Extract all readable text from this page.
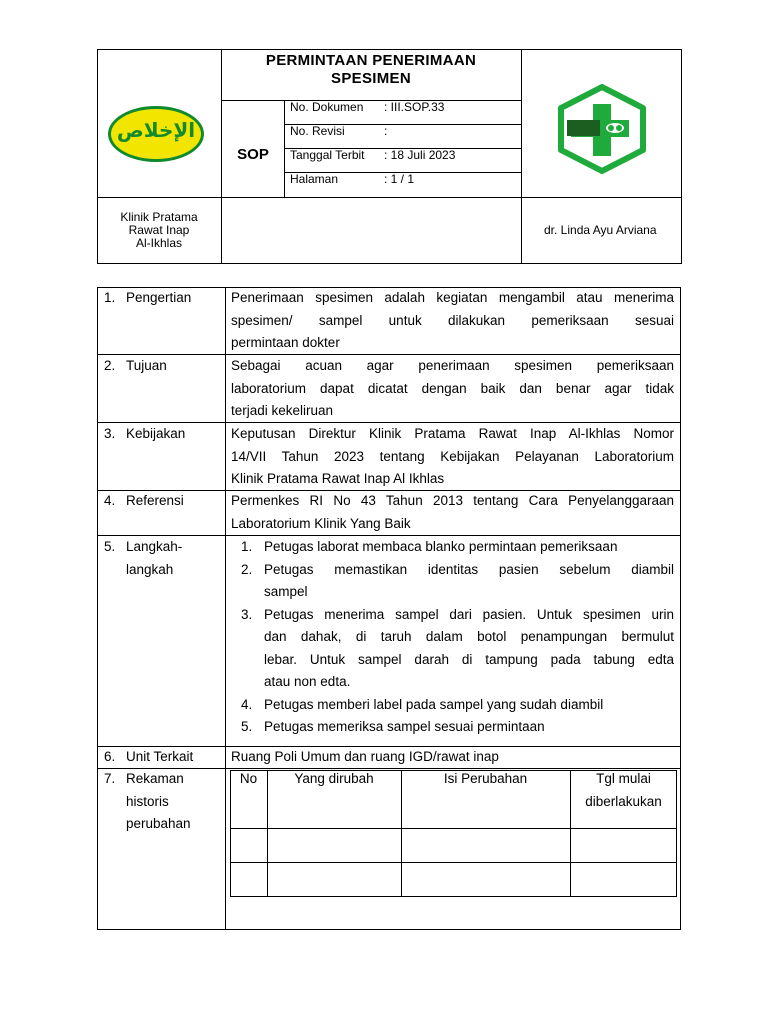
الإخلاص
PERMINTAAN PENERIMAAN
SPESIMEN
SOP
No. Dokumen : III.SOP.33
No. Revisi	:
Tanggal Terbit : 18 Juli 2023
Halaman	: 1 / 1
Klinik Pratama
Rawat Inap
Al-Ikhlas
dr. Linda Ayu Arviana
1. Pengertian	Penerimaan spesimen adalah kegiatan mengambil atau menerima
spesimen/ sampel untuk dilakukan pemeriksaan sesuai
permintaan dokter
2. Tujuan	Sebagai acuan agar penerimaan spesimen pemeriksaan
laboratorium dapat dicatat dengan baik dan benar agar tidak
terjadi kekeliruan
3. Kebijakan	Keputusan Direktur Klinik Pratama Rawat Inap Al-Ikhlas Nomor
14/VII Tahun 2023 tentang Kebijakan Pelayanan Laboratorium
Klinik Pratama Rawat Inap Al Ikhlas
4. Referensi	Permenkes RI No 43 Tahun 2013 tentang Cara Penyelanggaraan
Laboratorium Klinik Yang Baik
5. Langkah-
langkah
1. Petugas laborat membaca blanko permintaan pemeriksaan
2. Petugas memastikan identitas pasien sebelum diambil
sampel
3. Petugas menerima sampel dari pasien. Untuk spesimen urin
dan dahak, di taruh dalam botol penampungan bermulut
lebar. Untuk sampel darah di tampung pada tabung edta
atau non edta.
4. Petugas memberi label pada sampel yang sudah diambil
5. Petugas memeriksa sampel sesuai permintaan
6. Unit Terkait	Ruang Poli Umum dan ruang IGD/rawat inap
7. Rekaman
historis
perubahan
No	Yang dirubah	Isi Perubahan	Tgl mulai
diberlakukan
